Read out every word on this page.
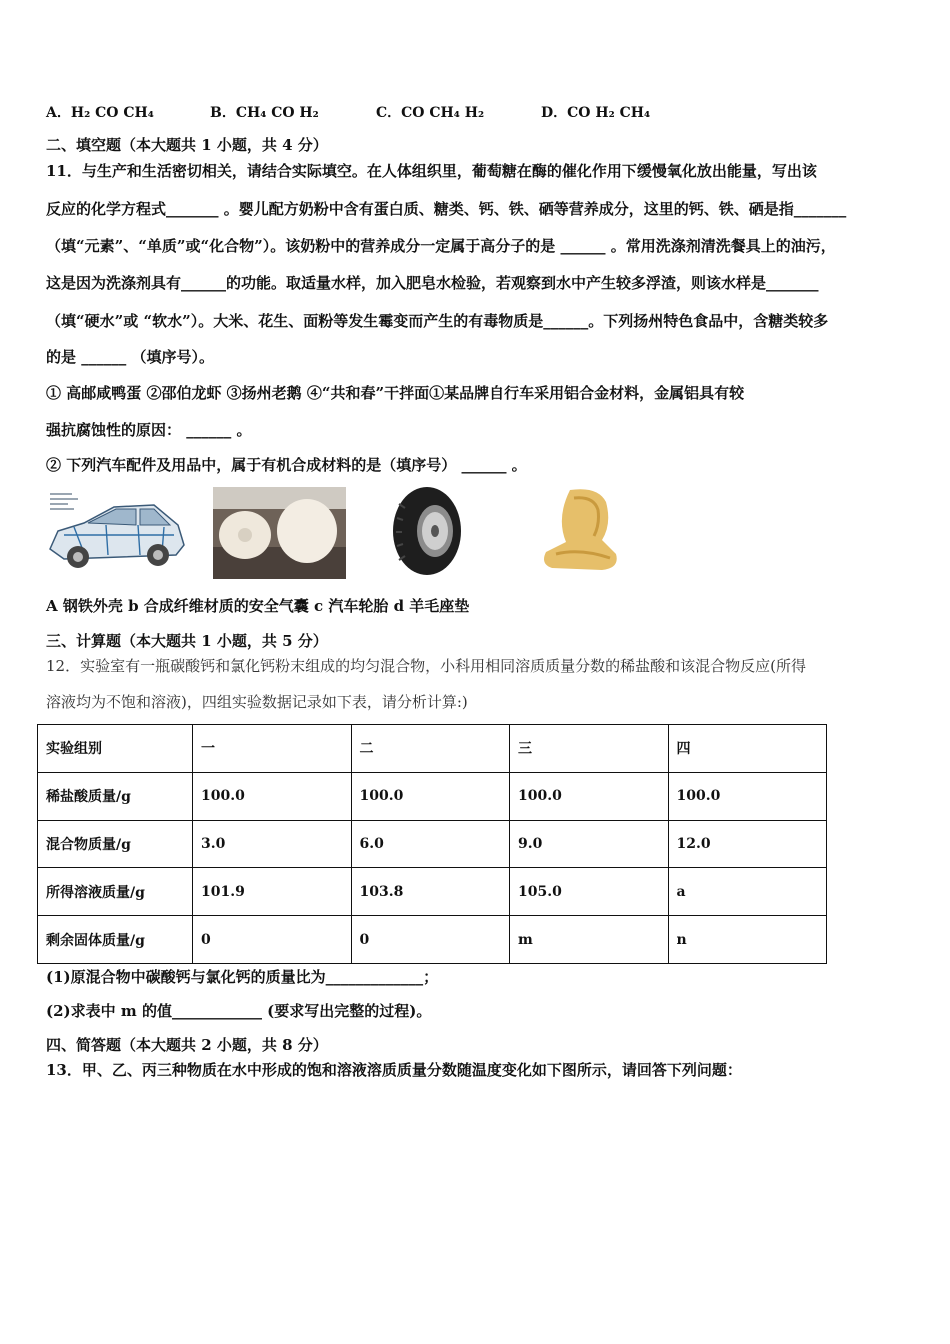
A．H₂ CO CH₄	B．CH₄ CO H₂	C．CO CH₄ H₂	D．CO H₂ CH₄
二、填空题（本大题共 1 小题，共 4 分）
11．与生产和生活密切相关，请结合实际填空。在人体组织里，葡萄糖在酶的催化作用下缓慢氧化放出能量，写出该
反应的化学方程式_______ 。婴儿配方奶粉中含有蛋白质、糖类、钙、铁、硒等营养成分，这里的钙、铁、硒是指_______
（填“元素”、“单质”或“化合物”）。该奶粉中的营养成分一定属于高分子的是 ______ 。常用洗涤剂清洗餐具上的油污，
这是因为洗涤剂具有______的功能。取适量水样，加入肥皂水检验，若观察到水中产生较多浮渣，则该水样是_______
（填“硬水”或 “软水”）。大米、花生、面粉等发生霉变而产生的有毒物质是______。下列扬州特色食品中，含糖类较多
的是 ______ （填序号）。
① 高邮咸鸭蛋 ②邵伯龙虾 ③扬州老鹅 ④“共和春”干拌面①某品牌自行车采用铝合金材料，金属铝具有较
强抗腐蚀性的原因： ______ 。
② 下列汽车配件及用品中，属于有机合成材料的是（填序号） ______ 。
A 钢铁外壳 b 合成纤维材质的安全气囊 c 汽车轮胎 d 羊毛座垫
三、计算题（本大题共 1 小题，共 5 分）
12．实验室有一瓶碳酸钙和氯化钙粉末组成的均匀混合物，小科用相同溶质质量分数的稀盐酸和该混合物反应(所得
溶液均为不饱和溶液)，四组实验数据记录如下表，请分析计算:)
实验组别	一	二	三	四
稀盐酸质量/g	100.0	100.0	100.0	100.0
混合物质量/g	3.0	6.0	9.0	12.0
所得溶液质量/g	101.9	103.8	105.0	a
剩余固体质量/g	0	0	m	n
(1)原混合物中碳酸钙与氯化钙的质量比为_____________；
(2)求表中 m 的值____________ (要求写出完整的过程)。
四、简答题（本大题共 2 小题，共 8 分）
13．甲、乙、丙三种物质在水中形成的饱和溶液溶质质量分数随温度变化如下图所示，请回答下列问题：
